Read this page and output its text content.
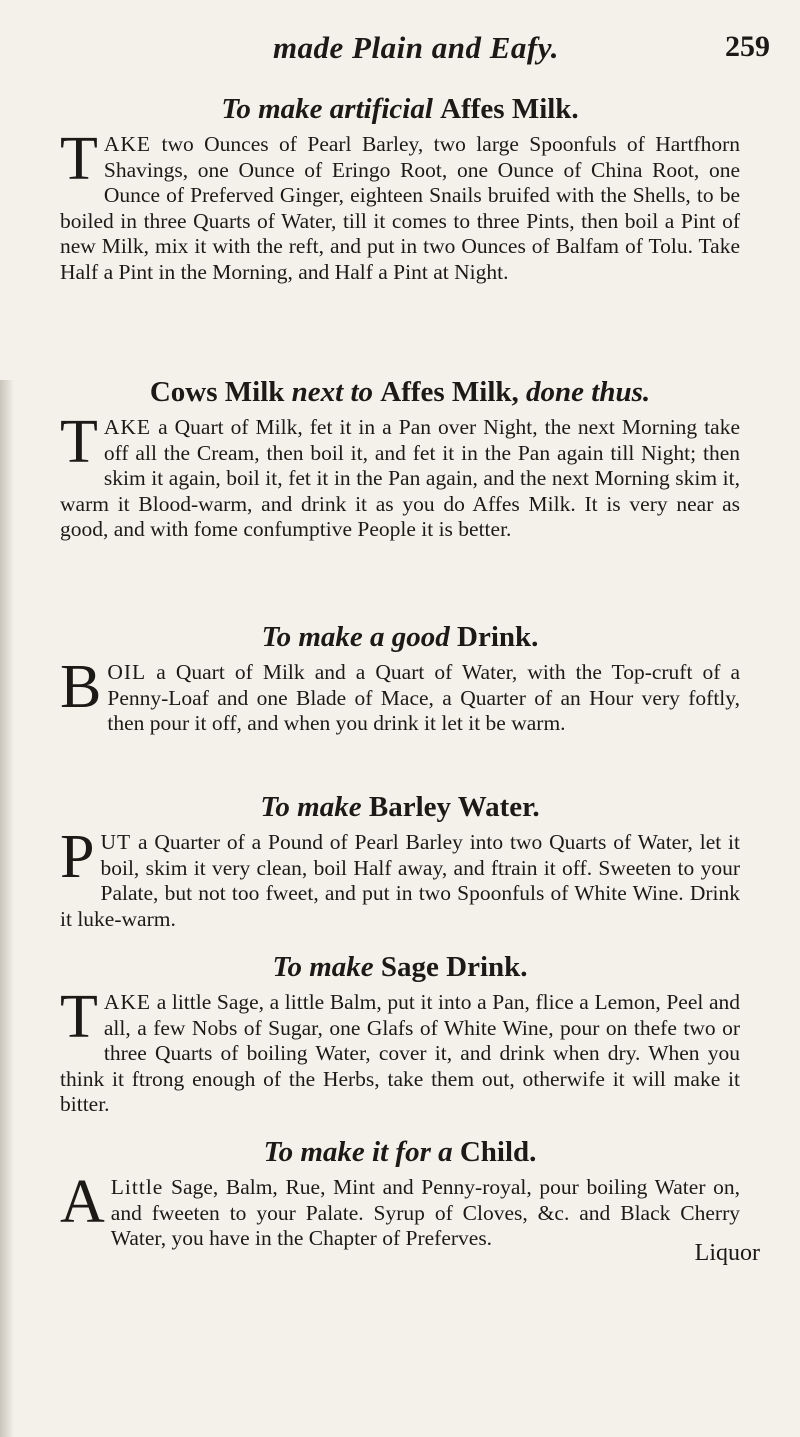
made Plain and Eafy.	259
To make artificial Affes Milk.

TAKE two Ounces of Pearl Barley, two large Spoonfuls of Hartfhorn Shavings, one Ounce of Eringo Root, one Ounce of China Root, one Ounce of Preferved Ginger, eighteen Snails bruifed with the Shells, to be boiled in three Quarts of Water, till it comes to three Pints, then boil a Pint of new Milk, mix it with the reft, and put in two Ounces of Balfam of Tolu. Take Half a Pint in the Morning, and Half a Pint at Night.

Cows Milk next to Affes Milk, done thus.

TAKE a Quart of Milk, fet it in a Pan over Night, the next Morning take off all the Cream, then boil it, and fet it in the Pan again till Night; then skim it again, boil it, fet it in the Pan again, and the next Morning skim it, warm it Blood-warm, and drink it as you do Affes Milk. It is very near as good, and with fome confumptive People it is better.

To make a good Drink.

BOIL a Quart of Milk and a Quart of Water, with the Top-cruft of a Penny-Loaf and one Blade of Mace, a Quarter of an Hour very foftly, then pour it off, and when you drink it let it be warm.

To make Barley Water.

PUT a Quarter of a Pound of Pearl Barley into two Quarts of Water, let it boil, skim it very clean, boil Half away, and ftrain it off. Sweeten to your Palate, but not too fweet, and put in two Spoonfuls of White Wine. Drink it luke-warm.

To make Sage Drink.

TAKE a little Sage, a little Balm, put it into a Pan, flice a Lemon, Peel and all, a few Nobs of Sugar, one Glafs of White Wine, pour on thefe two or three Quarts of boiling Water, cover it, and drink when dry. When you think it ftrong enough of the Herbs, take them out, otherwife it will make it bitter.

To make it for a Child.

A Little Sage, Balm, Rue, Mint and Penny-royal, pour boiling Water on, and fweeten to your Palate. Syrup of Cloves, &c. and Black Cherry Water, you have in the Chapter of Preferves.

Liquor
